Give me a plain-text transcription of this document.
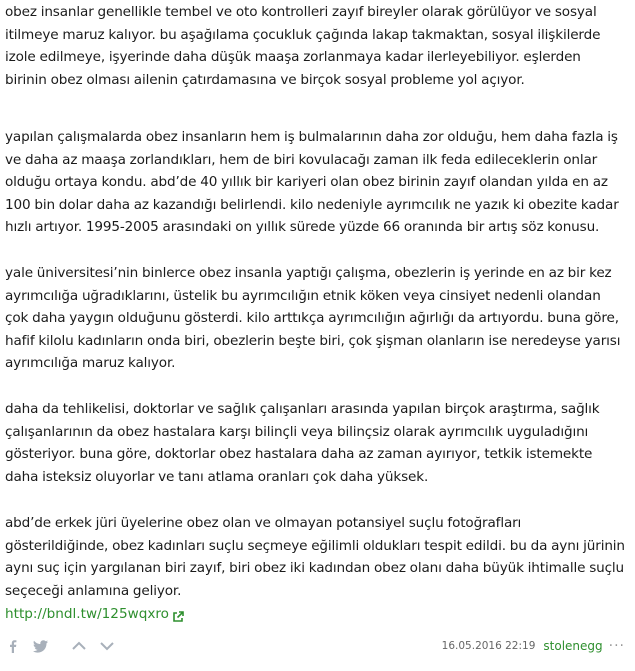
obez insanlar genellikle tembel ve oto kontrolleri zayıf bireyler olarak görülüyor ve sosyal itilmeye maruz kalıyor. bu aşağılama çocukluk çağında lakap takmaktan, sosyal ilişkilerde izole edilmeye, işyerinde daha düşük maaşa zorlanmaya kadar ilerleyebiliyor. eşlerden birinin obez olması ailenin çatırdamasına ve birçok sosyal probleme yol açıyor.

yapılan çalışmalarda obez insanların hem iş bulmalarının daha zor olduğu, hem daha fazla iş ve daha az maaşa zorlandıkları, hem de biri kovulacağı zaman ilk feda edileceklerin onlar olduğu ortaya kondu. abd’de 40 yıllık bir kariyeri olan obez birinin zayıf olandan yılda en az 100 bin dolar daha az kazandığı belirlendi. kilo nedeniyle ayrımcılık ne yazık ki obezite kadar hızlı artıyor. 1995-2005 arasındaki on yıllık sürede yüzde 66 oranında bir artış söz konusu.

yale üniversitesi’nin binlerce obez insanla yaptığı çalışma, obezlerin iş yerinde en az bir kez ayrımcılığa uğradıklarını, üstelik bu ayrımcılığın etnik köken veya cinsiyet nedenli olandan çok daha yaygın olduğunu gösterdi. kilo arttıkça ayrımcılığın ağırlığı da artıyordu. buna göre, hafif kilolu kadınların onda biri, obezlerin beşte biri, çok şişman olanların ise neredeyse yarısı ayrımcılığa maruz kalıyor.

daha da tehlikelisi, doktorlar ve sağlık çalışanları arasında yapılan birçok araştırma, sağlık çalışanlarının da obez hastalara karşı bilinçli veya bilinçsiz olarak ayrımcılık uyguladığını gösteriyor. buna göre, doktorlar obez hastalara daha az zaman ayırıyor, tetkik istemekte daha isteksiz oluyorlar ve tanı atlama oranları çok daha yüksek.

abd’de erkek jüri üyelerine obez olan ve olmayan potansiyel suçlu fotoğrafları gösterildiğinde, obez kadınları suçlu seçmeye eğilimli oldukları tespit edildi. bu da aynı jürinin aynı suç için yargılanan biri zayıf, biri obez iki kadından obez olanı daha büyük ihtimalle suçlu seçeceği anlamına geliyor.

http://bndl.tw/125wqxro
16.05.2016 22:19 stolenegg ···
